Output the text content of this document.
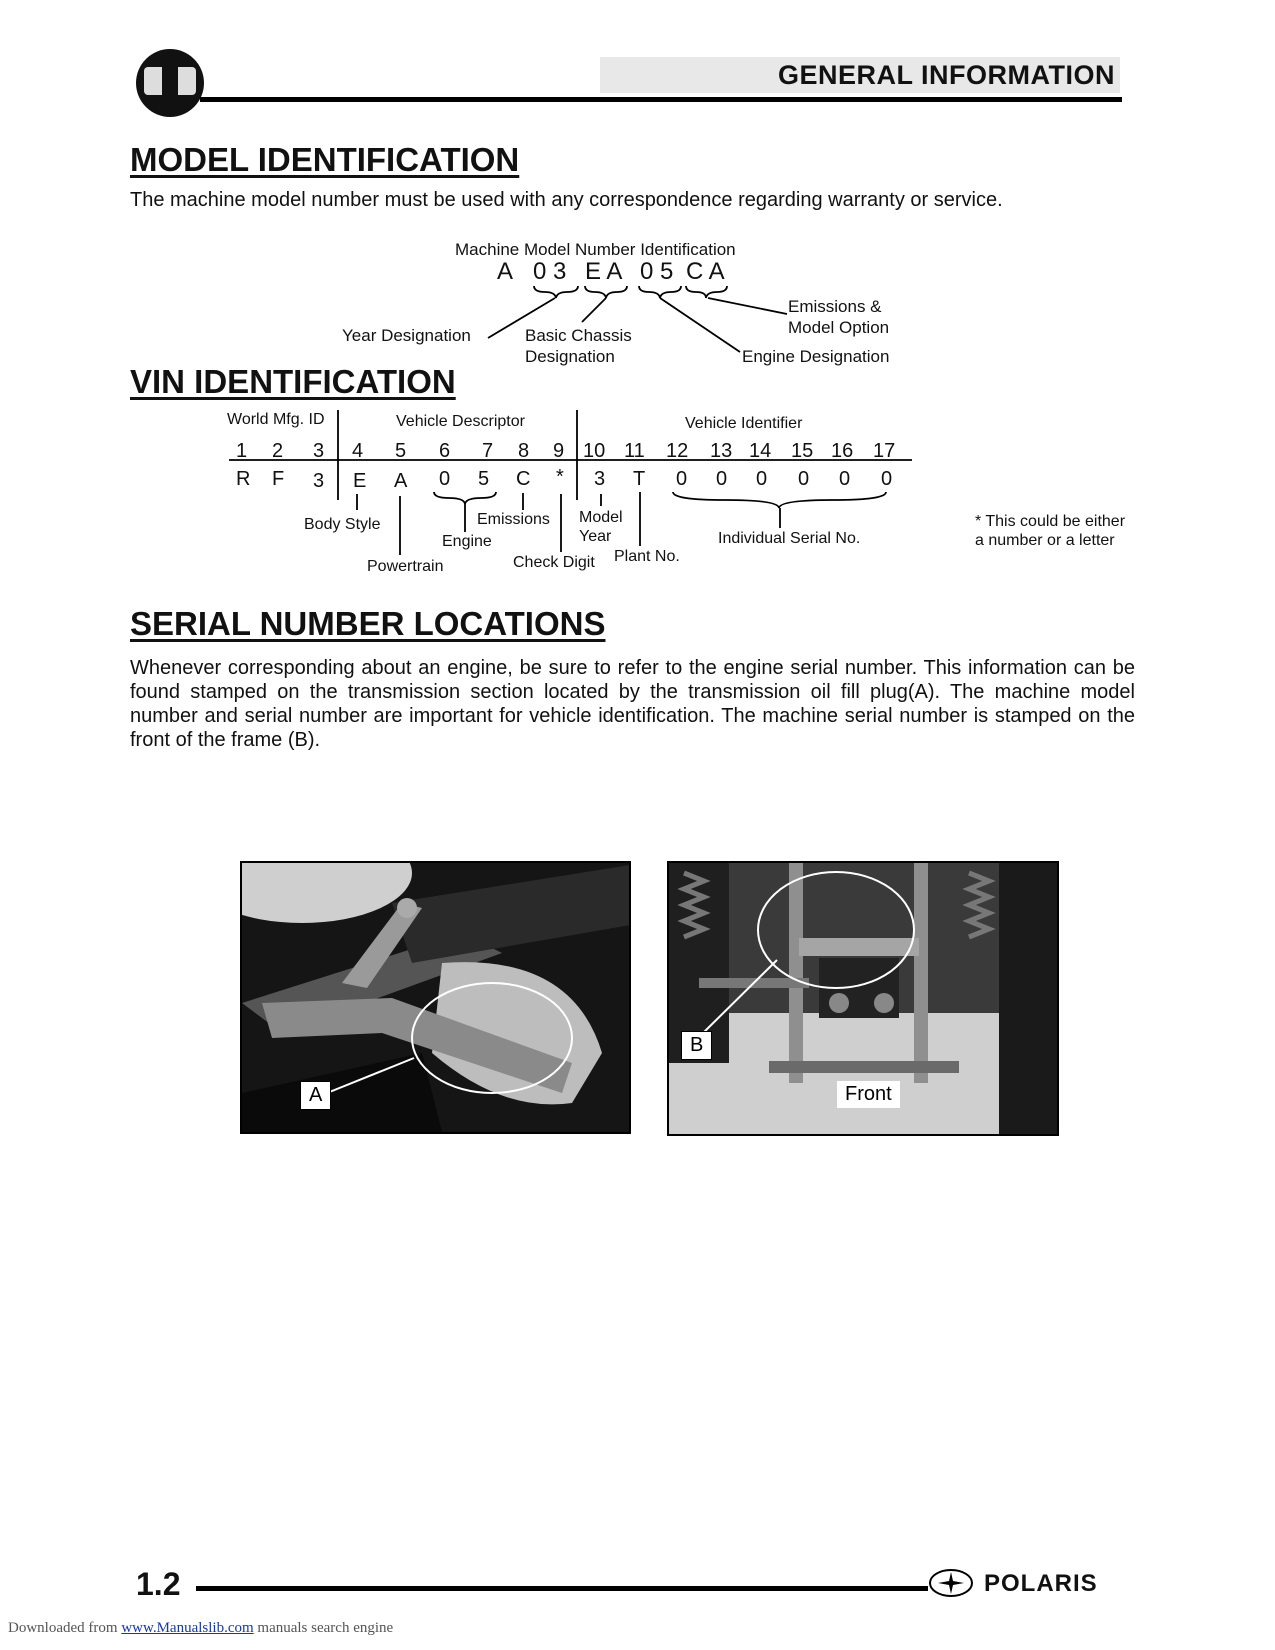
GENERAL INFORMATION
MODEL IDENTIFICATION
The machine model number must be used with any correspondence regarding warranty or service.
Machine Model Number Identification
A 0 3 E A 0 5 C A
Year Designation	Basic Chassis
Designation
Emissions &
Model Option
Engine Designation
VIN IDENTIFICATION
World Mfg. ID	Vehicle Descriptor	Vehicle Identifier
1 2 3 4 5 6 7 8 9 10 11 12 13 14 15 16 17
R F 3 E A 0 5 C * 3 T 0 0 0 0 0 0
Body Style
Powertrain
Engine
Emissions
Check Digit
Model
Year
Plant No.
Individual Serial No.
* This could be either
a number or a letter
SERIAL NUMBER LOCATIONS
Whenever corresponding about an engine, be sure to refer to the engine serial number. This information can be found stamped on the transmission section located by the transmission oil fill plug(A). The machine model number and serial number are important for vehicle identification. The machine serial number is stamped on the front of the frame (B).
A
B
Front
1.2	POLARIS
Downloaded from www.Manualslib.com manuals search engine
